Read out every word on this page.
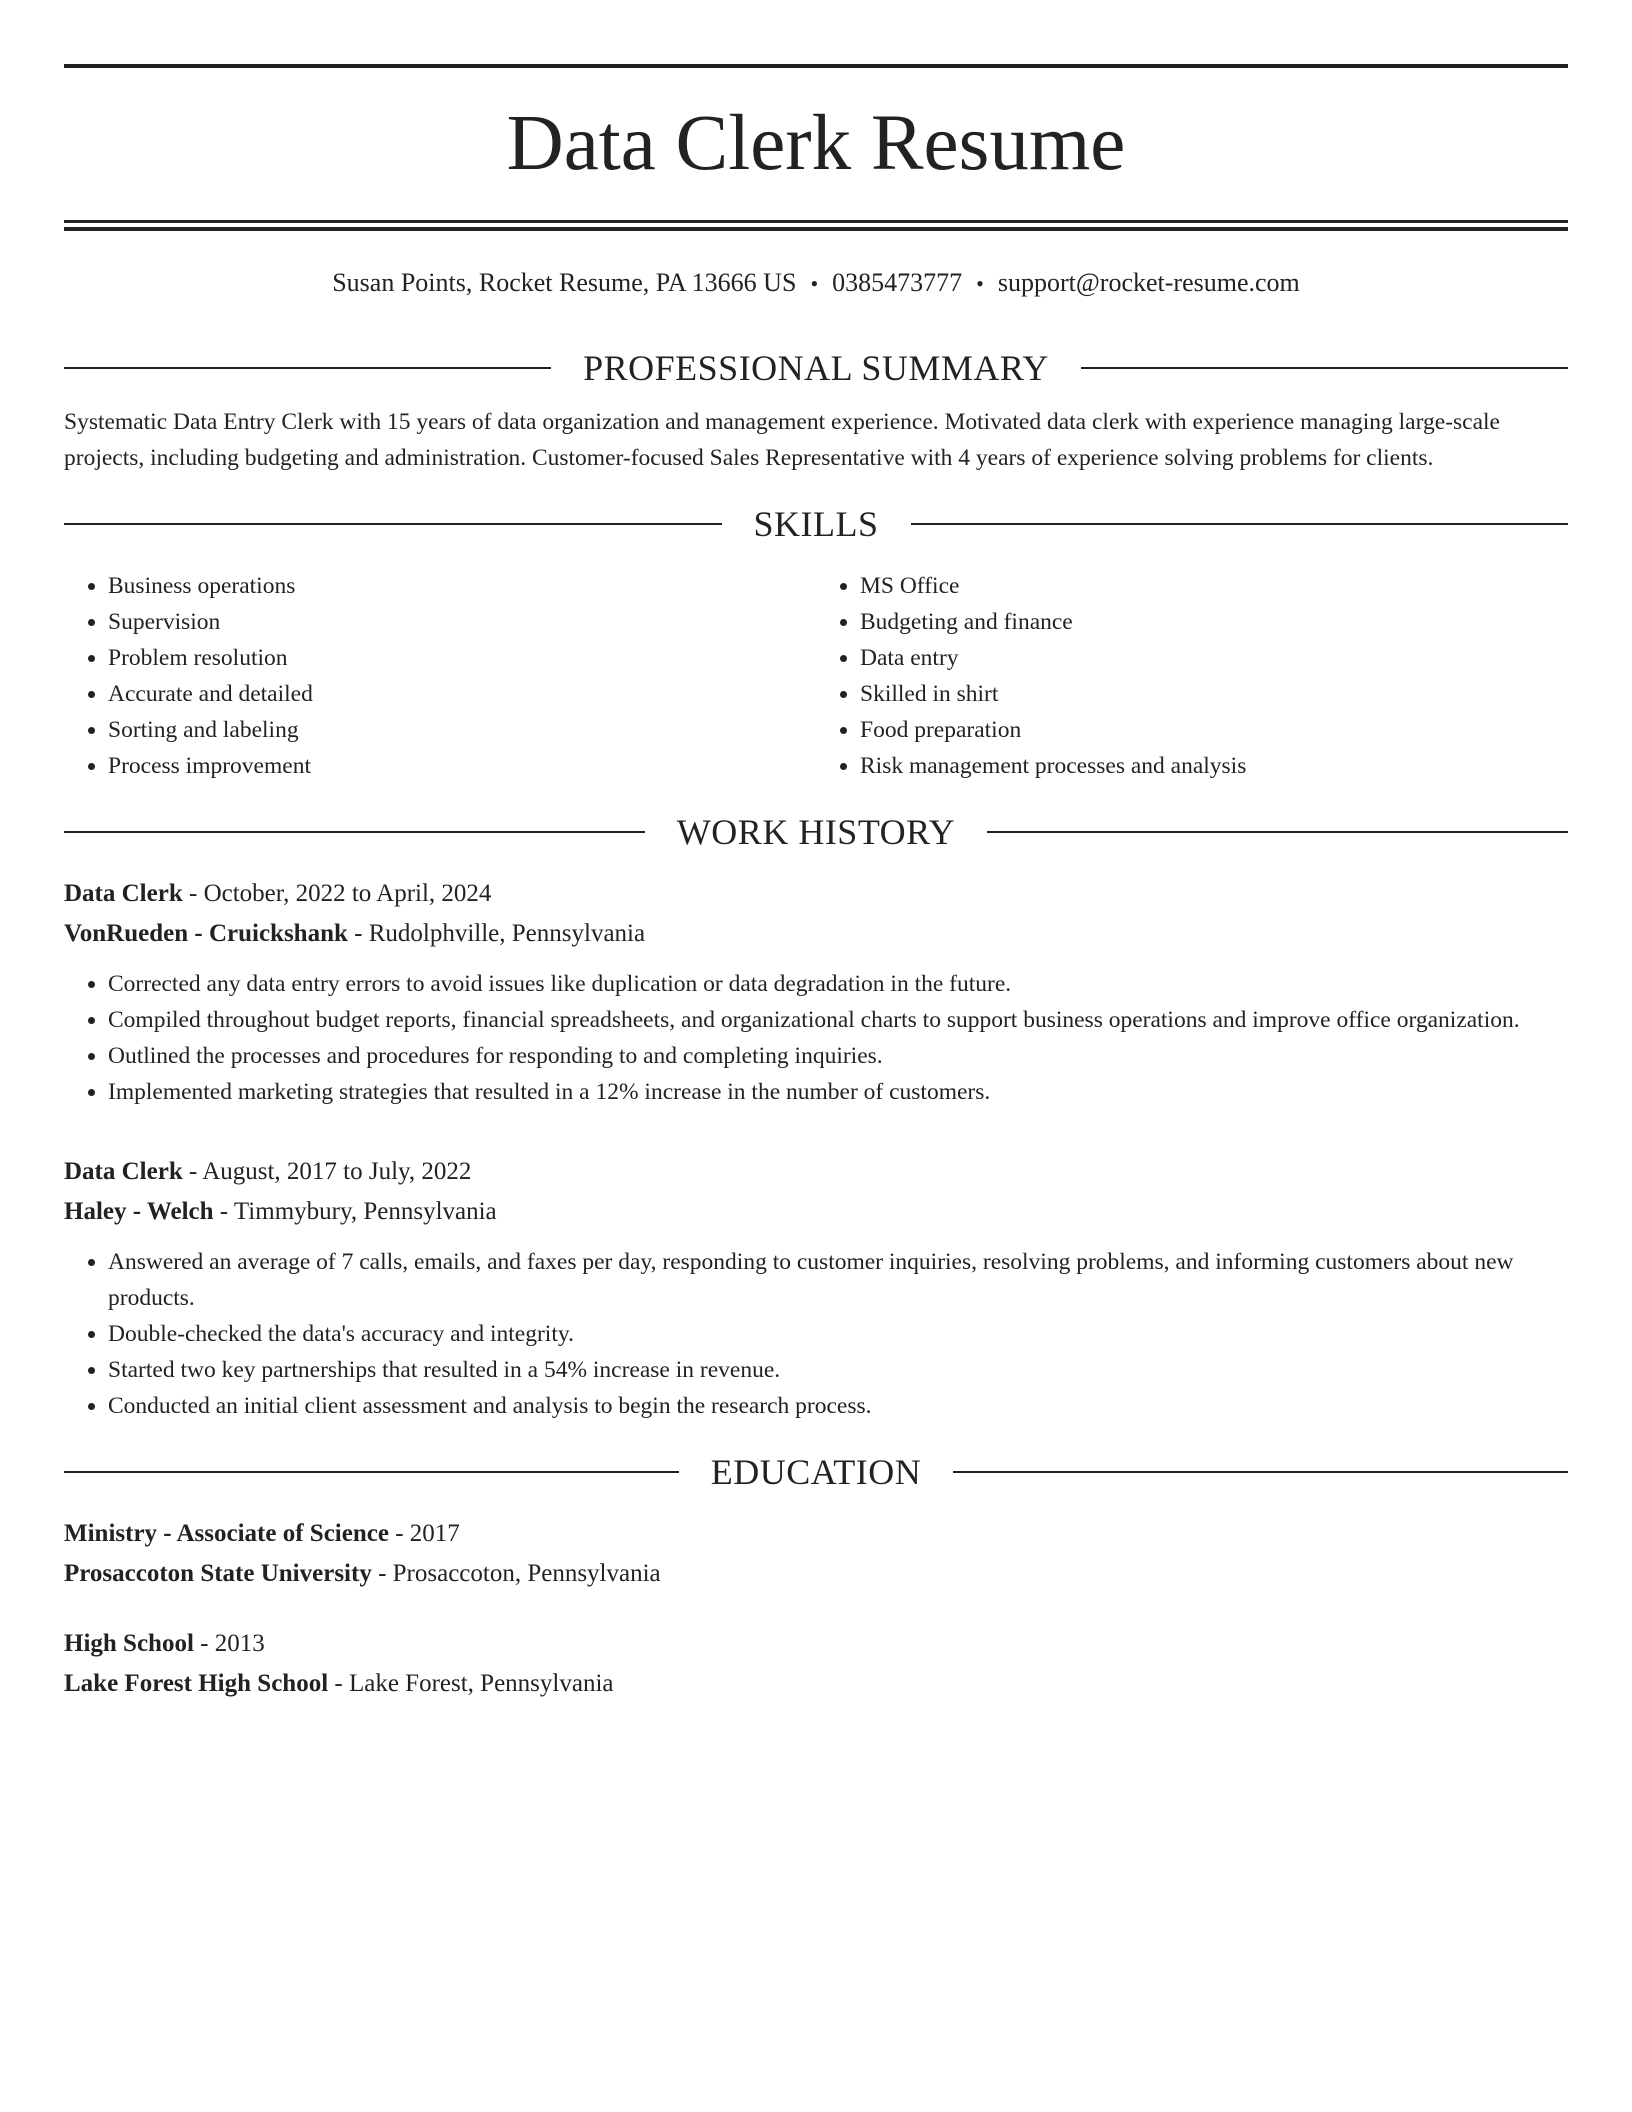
Data Clerk Resume
Susan Points, Rocket Resume, PA 13666 US • 0385473777 • support@rocket-resume.com
PROFESSIONAL SUMMARY
Systematic Data Entry Clerk with 15 years of data organization and management experience. Motivated data clerk with experience managing large-scale projects, including budgeting and administration. Customer-focused Sales Representative with 4 years of experience solving problems for clients.
SKILLS
• Business operations
• Supervision
• Problem resolution
• Accurate and detailed
• Sorting and labeling
• Process improvement
• MS Office
• Budgeting and finance
• Data entry
• Skilled in shirt
• Food preparation
• Risk management processes and analysis
WORK HISTORY
Data Clerk - October, 2022 to April, 2024
VonRueden - Cruickshank - Rudolphville, Pennsylvania
• Corrected any data entry errors to avoid issues like duplication or data degradation in the future.
• Compiled throughout budget reports, financial spreadsheets, and organizational charts to support business operations and improve office organization.
• Outlined the processes and procedures for responding to and completing inquiries.
• Implemented marketing strategies that resulted in a 12% increase in the number of customers.
Data Clerk - August, 2017 to July, 2022
Haley - Welch - Timmybury, Pennsylvania
• Answered an average of 7 calls, emails, and faxes per day, responding to customer inquiries, resolving problems, and informing customers about new products.
• Double-checked the data's accuracy and integrity.
• Started two key partnerships that resulted in a 54% increase in revenue.
• Conducted an initial client assessment and analysis to begin the research process.
EDUCATION
Ministry - Associate of Science - 2017
Prosaccoton State University - Prosaccoton, Pennsylvania
High School - 2013
Lake Forest High School - Lake Forest, Pennsylvania
